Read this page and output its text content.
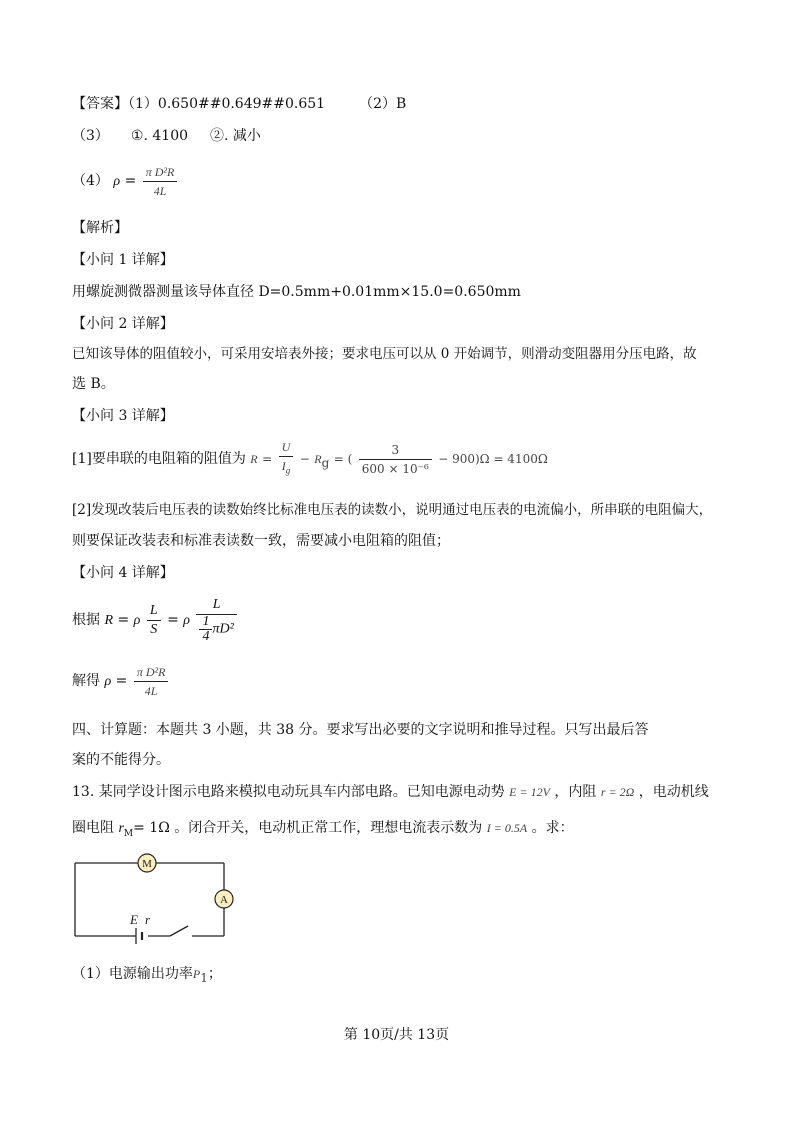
【答案】（1）0.650##0.649##0.651 （2）B
（3） ①. 4100 ②. 减小
（4） $\rho = \frac{\text{π D²R}}{4L}$
【解析】
【小问 1 详解】
用螺旋测微器测量该导体直径 D=0.5mm+0.01mm×15.0=0.650mm
【小问 2 详解】
已知该导体的阻值较小，可采用安培表外接；要求电压可以从 0 开始调节，则滑动变阻器用分压电路，故
选 B。
【小问 3 详解】
[1]要串联的电阻箱的阻值为 $R = \frac{U}{I_g} - R_g$ = ( $\frac{3}{\text{600 × 10⁻⁶}} - 900)\Omega = 4100\Omega$
[2]发现改装后电压表的读数始终比标准电压表的读数小，说明通过电压表的电流偏小，所串联的电阻偏大，
则要保证改装表和标准表读数一致，需要减小电阻箱的阻值；
【小问 4 详解】
根据 R = ρ $\frac{L}{S} = \rho \frac{L}{\frac{1}{4} \pi D^2}$
解得 $\rho = \frac{\text{π D²R}}{4L}$
四、计算题：本题共 3 小题，共 38 分。要求写出必要的文字说明和推导过程。只写出最后答
案的不能得分。
13. 某同学设计图示电路来模拟电动玩具车内部电路。已知电源电动势 E = 12V ，内阻 r = 2Ω ，电动机线
圈电阻 $r_M= 1\Omega$ 。闭合开关，电动机正常工作，理想电流表示数为 I = 0.5A 。求：
M
A
E r
（1）电源输出功率$P_1$；
第 10页/共 13页
